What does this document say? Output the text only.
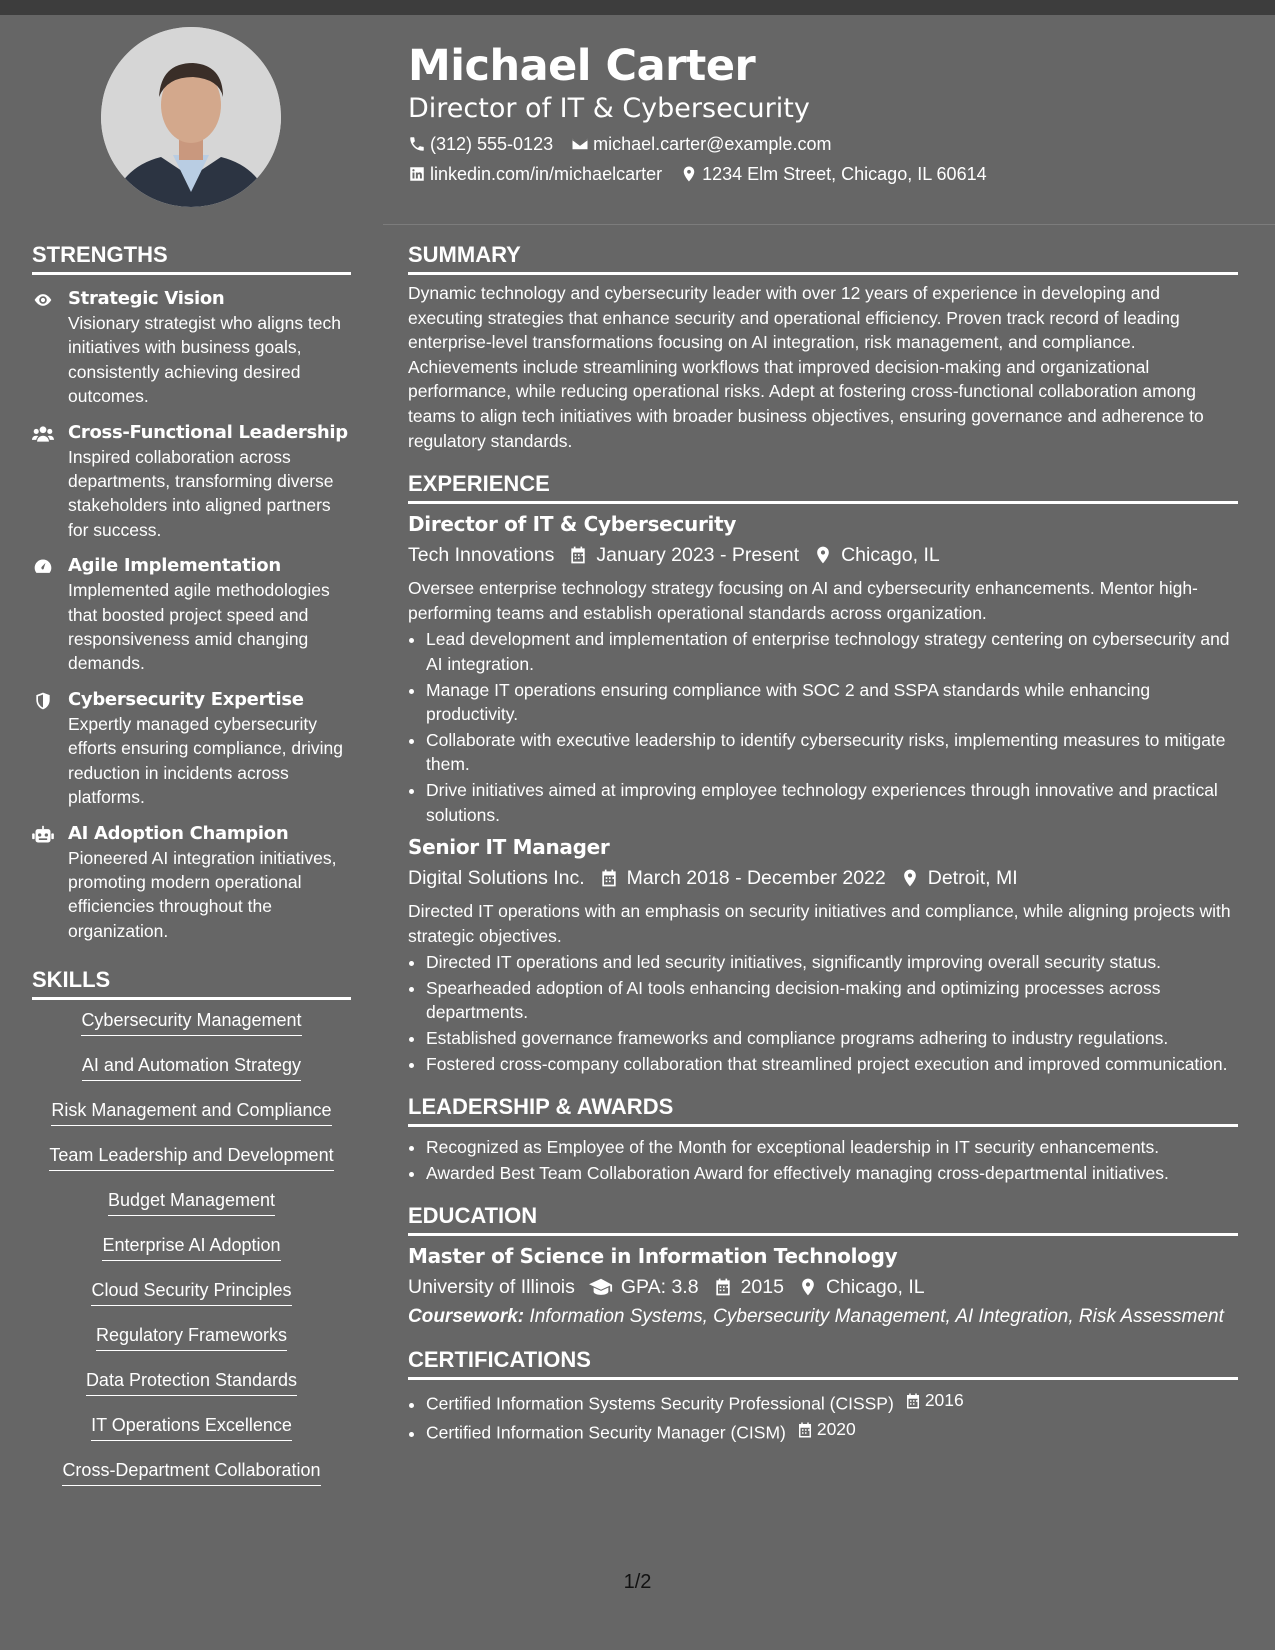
Michael Carter
Director of IT & Cybersecurity
(312) 555-0123 michael.carter@example.com
linkedin.com/in/michaelcarter 1234 Elm Street, Chicago, IL 60614
STRENGTHS
Strategic Vision
Visionary strategist who aligns tech initiatives with business goals, consistently achieving desired outcomes.
Cross-Functional Leadership
Inspired collaboration across departments, transforming diverse stakeholders into aligned partners for success.
Agile Implementation
Implemented agile methodologies that boosted project speed and responsiveness amid changing demands.
Cybersecurity Expertise
Expertly managed cybersecurity efforts ensuring compliance, driving reduction in incidents across platforms.
AI Adoption Champion
Pioneered AI integration initiatives, promoting modern operational efficiencies throughout the organization.
SKILLS
Cybersecurity Management
AI and Automation Strategy
Risk Management and Compliance
Team Leadership and Development
Budget Management
Enterprise AI Adoption
Cloud Security Principles
Regulatory Frameworks
Data Protection Standards
IT Operations Excellence
Cross-Department Collaboration
SUMMARY

Dynamic technology and cybersecurity leader with over 12 years of experience in developing and executing strategies that enhance security and operational efficiency. Proven track record of leading enterprise-level transformations focusing on AI integration, risk management, and compliance. Achievements include streamlining workflows that improved decision-making and organizational performance, while reducing operational risks. Adept at fostering cross-functional collaboration among teams to align tech initiatives with broader business objectives, ensuring governance and adherence to regulatory standards.

EXPERIENCE
Director of IT & Cybersecurity
Tech Innovations January 2023 - Present Chicago, IL

Oversee enterprise technology strategy focusing on AI and cybersecurity enhancements. Mentor high-performing teams and establish operational standards across organization.

• Lead development and implementation of enterprise technology strategy centering on cybersecurity and AI integration.
• Manage IT operations ensuring compliance with SOC 2 and SSPA standards while enhancing productivity.
• Collaborate with executive leadership to identify cybersecurity risks, implementing measures to mitigate them.
• Drive initiatives aimed at improving employee technology experiences through innovative and practical solutions.
Senior IT Manager
Digital Solutions Inc. March 2018 - December 2022 Detroit, MI

Directed IT operations with an emphasis on security initiatives and compliance, while aligning projects with strategic objectives.

• Directed IT operations and led security initiatives, significantly improving overall security status.
• Spearheaded adoption of AI tools enhancing decision-making and optimizing processes across departments.
• Established governance frameworks and compliance programs adhering to industry regulations.
• Fostered cross-company collaboration that streamlined project execution and improved communication.
LEADERSHIP & AWARDS
• Recognized as Employee of the Month for exceptional leadership in IT security enhancements.
• Awarded Best Team Collaboration Award for effectively managing cross-departmental initiatives.
EDUCATION
Master of Science in Information Technology
University of Illinois GPA: 3.8 2015 Chicago, IL
Coursework: Information Systems, Cybersecurity Management, AI Integration, Risk Assessment
CERTIFICATIONS
• Certified Information Systems Security Professional (CISSP) 2016
• Certified Information Security Manager (CISM) 2020
1/2
